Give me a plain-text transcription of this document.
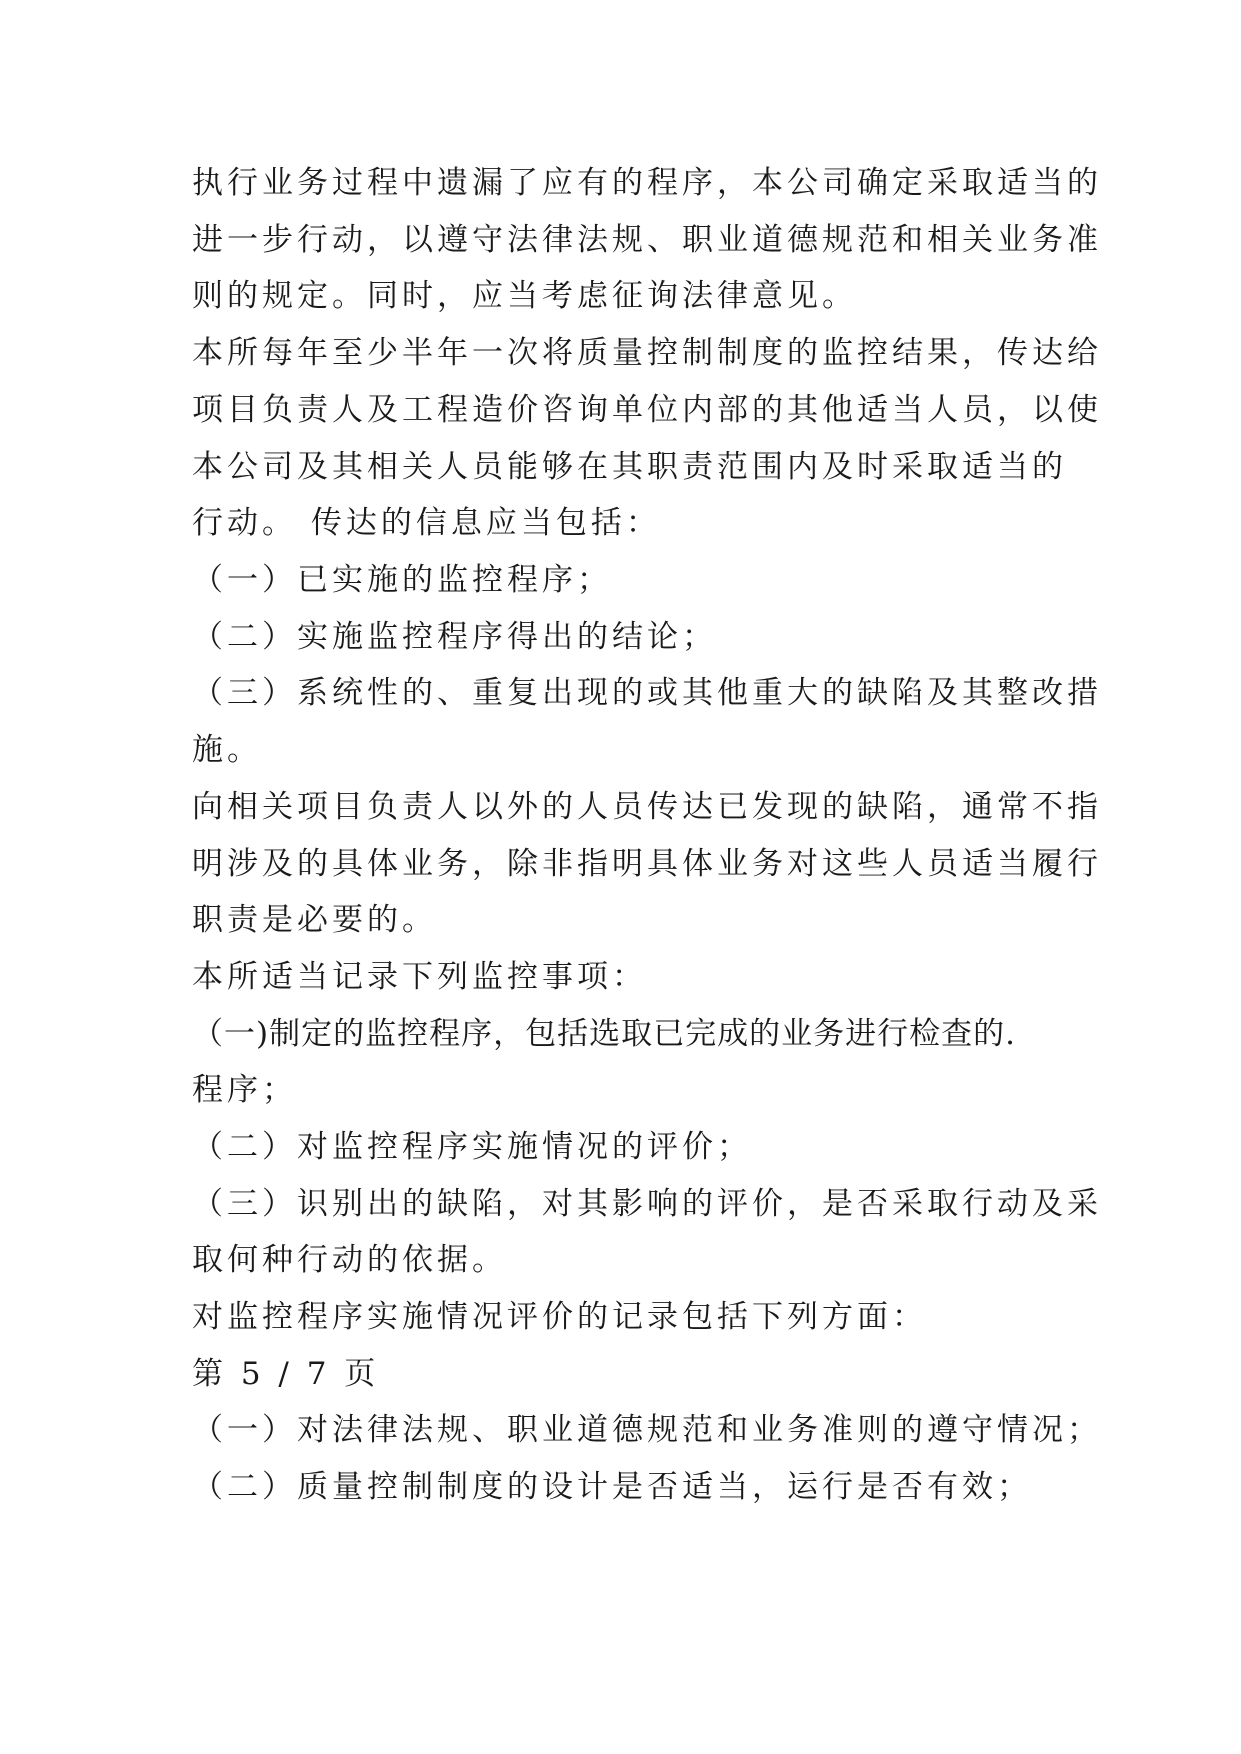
执行业务过程中遗漏了应有的程序，本公司确定采取适当的
进一步行动，以遵守法律法规、职业道德规范和相关业务准
则的规定。同时，应当考虑征询法律意见。
本所每年至少半年一次将质量控制制度的监控结果，传达给
项目负责人及工程造价咨询单位内部的其他适当人员，以使
本公司及其相关人员能够在其职责范围内及时采取适当的
行动。 传达的信息应当包括：
（一）已实施的监控程序；
（二）实施监控程序得出的结论；
（三）系统性的、重复出现的或其他重大的缺陷及其整改措
施。
向相关项目负责人以外的人员传达已发现的缺陷，通常不指
明涉及的具体业务，除非指明具体业务对这些人员适当履行
职责是必要的。
本所适当记录下列监控事项：
（一)制定的监控程序，包括选取已完成的业务进行检查的.
程序；
（二）对监控程序实施情况的评价；
（三）识别出的缺陷，对其影响的评价，是否采取行动及采
取何种行动的依据。
对监控程序实施情况评价的记录包括下列方面：
第 5 / 7 页
（一）对法律法规、职业道德规范和业务准则的遵守情况；
（二）质量控制制度的设计是否适当，运行是否有效；
